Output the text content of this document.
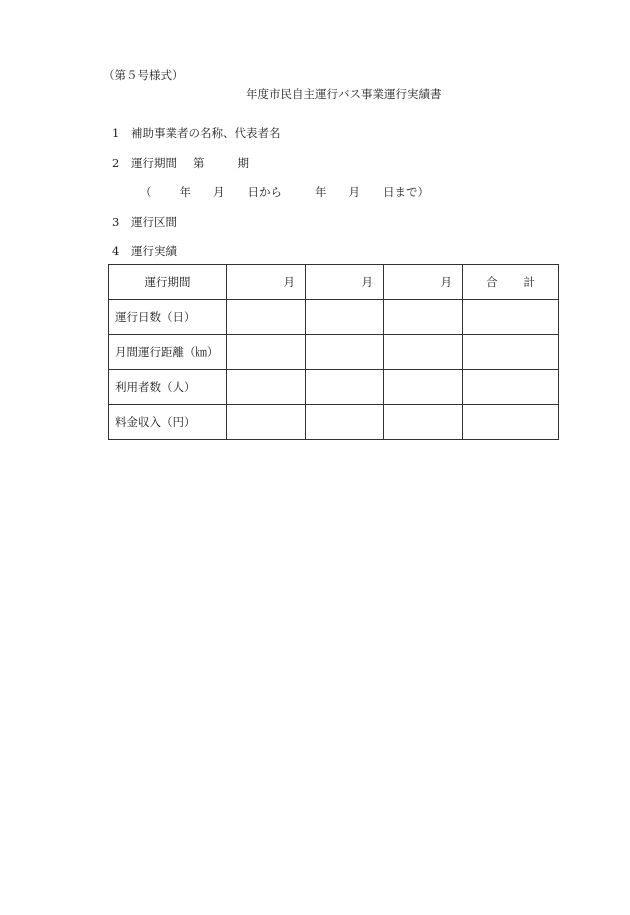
（第５号様式）
年度市民自主運行バス事業運行実績書
1 補助事業者の名称、代表者名
2 運行期間 第	期
（ 年 月 日から	年 月 日まで）
3 運行区間
4 運行実績
運行期間	月	月	月	合計
運行日数（日）				
月間運行距離（㎞）				
利用者数（人）				
料金収入（円）				
